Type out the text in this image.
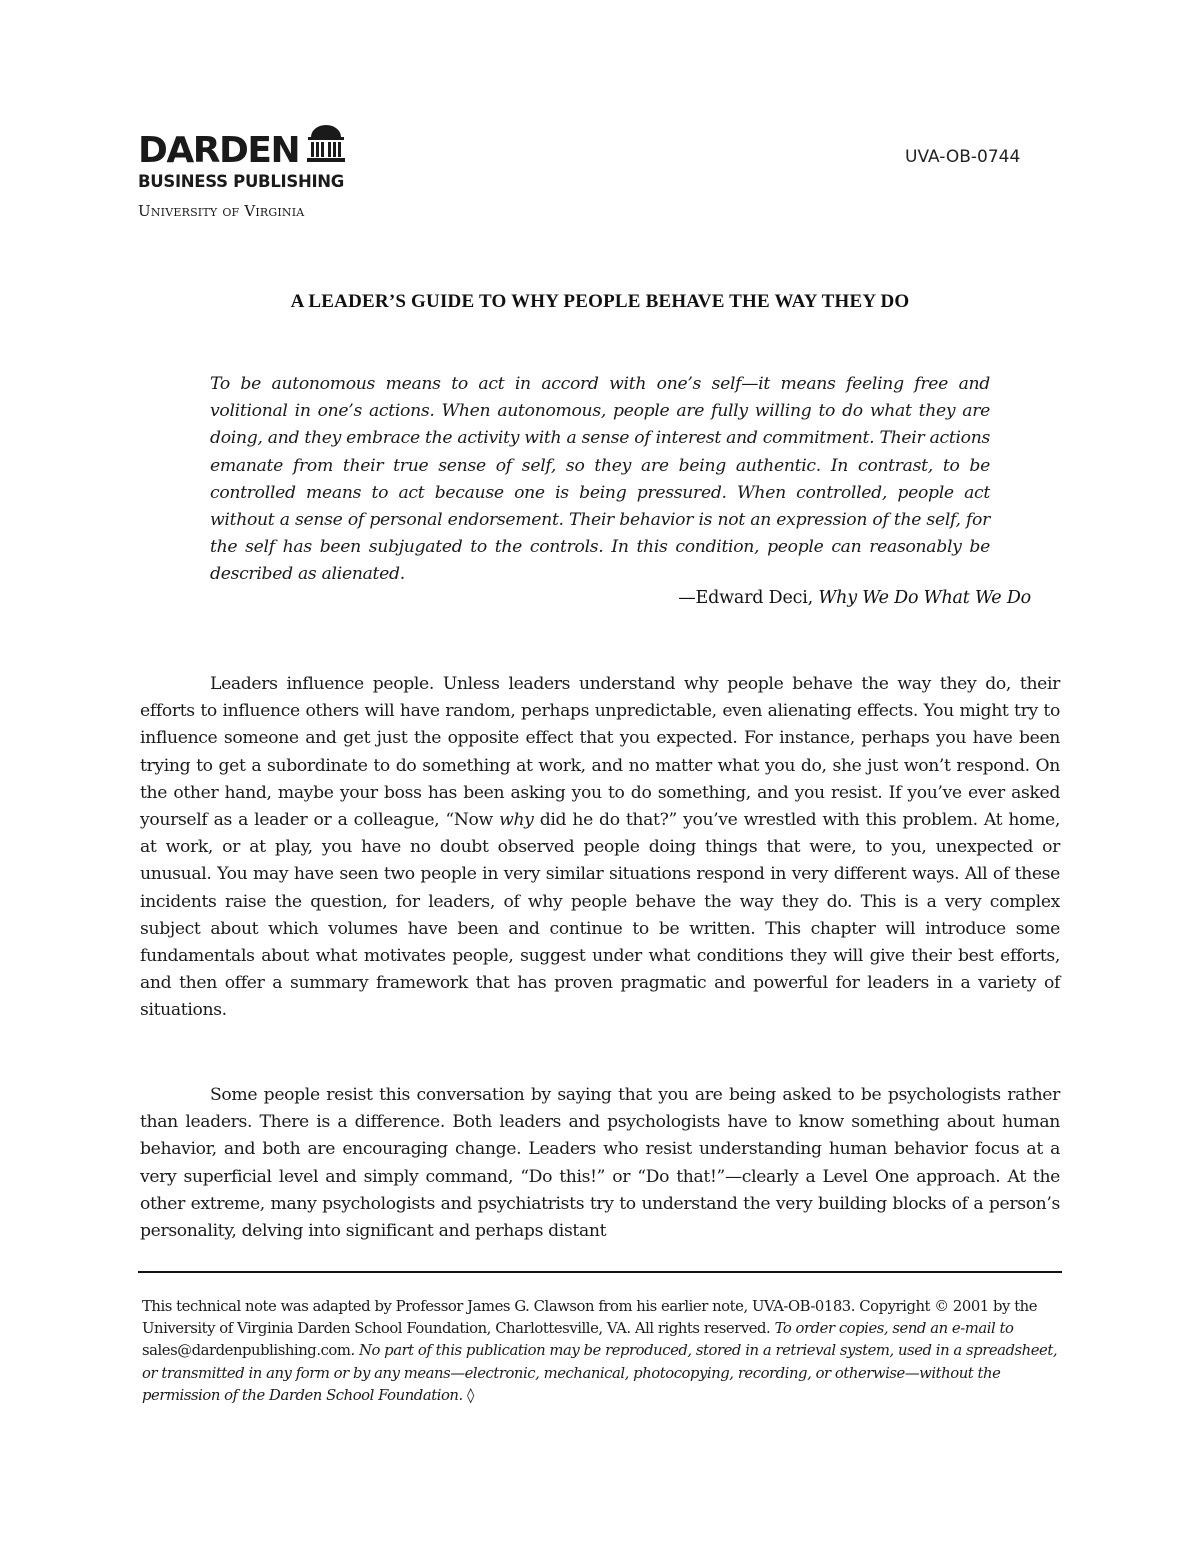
DARDEN
BUSINESS PUBLISHING
University of Virginia
UVA-OB-0744
A LEADER’S GUIDE TO WHY PEOPLE BEHAVE THE WAY THEY DO
To be autonomous means to act in accord with one’s self—it means feeling free and volitional in one’s actions. When autonomous, people are fully willing to do what they are doing, and they embrace the activity with a sense of interest and commitment. Their actions emanate from their true sense of self, so they are being authentic. In contrast, to be controlled means to act because one is being pressured. When controlled, people act without a sense of personal endorsement. Their behavior is not an expression of the self, for the self has been subjugated to the controls. In this condition, people can reasonably be described as alienated.
—Edward Deci, Why We Do What We Do

Leaders influence people. Unless leaders understand why people behave the way they do, their efforts to influence others will have random, perhaps unpredictable, even alienating effects. You might try to influence someone and get just the opposite effect that you expected. For instance, perhaps you have been trying to get a subordinate to do something at work, and no matter what you do, she just won’t respond. On the other hand, maybe your boss has been asking you to do something, and you resist. If you’ve ever asked yourself as a leader or a colleague, “Now why did he do that?” you’ve wrestled with this problem. At home, at work, or at play, you have no doubt observed people doing things that were, to you, unexpected or unusual. You may have seen two people in very similar situations respond in very different ways. All of these incidents raise the question, for leaders, of why people behave the way they do. This is a very complex subject about which volumes have been and continue to be written. This chapter will introduce some fundamentals about what motivates people, suggest under what conditions they will give their best efforts, and then offer a summary framework that has proven pragmatic and powerful for leaders in a variety of situations.

Some people resist this conversation by saying that you are being asked to be psychologists rather than leaders. There is a difference. Both leaders and psychologists have to know something about human behavior, and both are encouraging change. Leaders who resist understanding human behavior focus at a very superficial level and simply command, “Do this!” or “Do that!”—clearly a Level One approach. At the other extreme, many psychologists and psychiatrists try to understand the very building blocks of a person’s personality, delving into significant and perhaps distant

This technical note was adapted by Professor James G. Clawson from his earlier note, UVA-OB-0183. Copyright © 2001 by the University of Virginia Darden School Foundation, Charlottesville, VA. All rights reserved. To order copies, send an e-mail to sales@dardenpublishing.com. No part of this publication may be reproduced, stored in a retrieval system, used in a spreadsheet, or transmitted in any form or by any means—electronic, mechanical, photocopying, recording, or otherwise—without the permission of the Darden School Foundation. ◊
